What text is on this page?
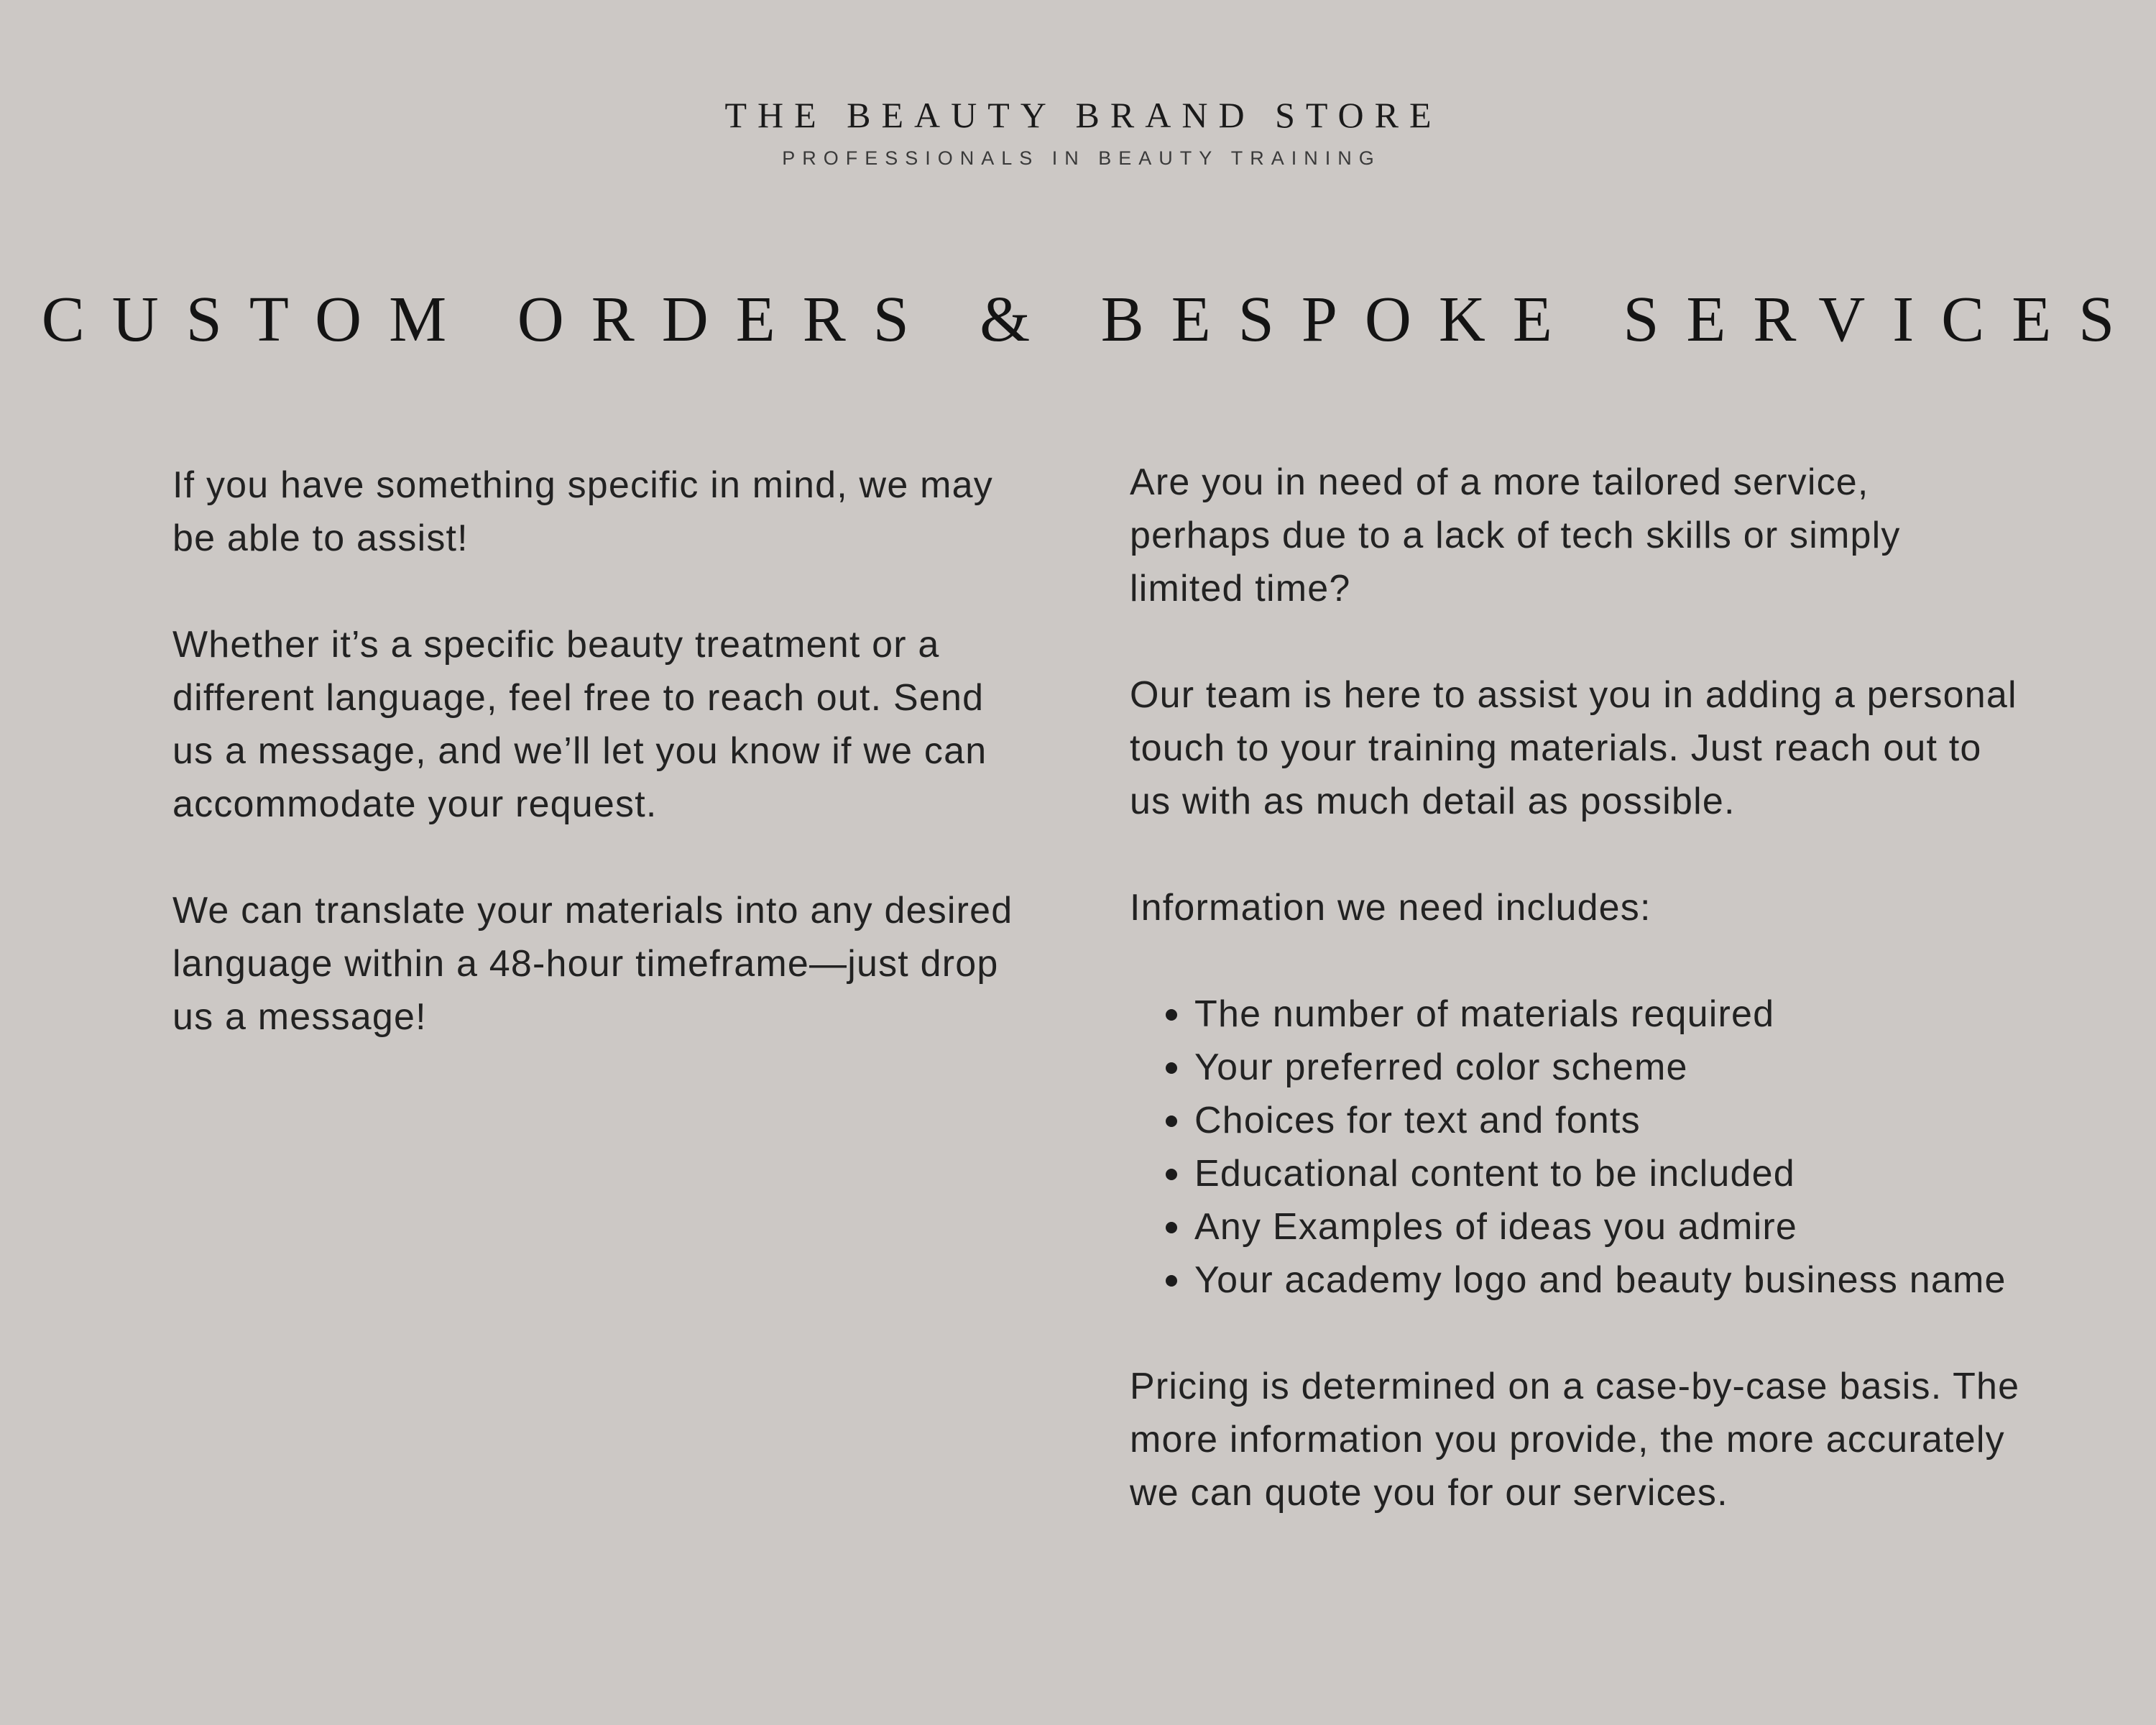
THE BEAUTY BRAND STORE
PROFESSIONALS IN BEAUTY TRAINING
CUSTOM ORDERS & BESPOKE SERVICES

If you have something specific in mind, we may be able to assist!

Whether it’s a specific beauty treatment or a different language, feel free to reach out. Send us a message, and we’ll let you know if we can accommodate your request.

We can translate your materials into any desired language within a 48-hour timeframe—just drop us a message!

Are you in need of a more tailored service, perhaps due to a lack of tech skills or simply limited time?

Our team is here to assist you in adding a personal touch to your training materials. Just reach out to us with as much detail as possible.

Information we need includes:

The number of materials required
Your preferred color scheme
Choices for text and fonts
Educational content to be included
Any Examples of ideas you admire
Your academy logo and beauty business name

Pricing is determined on a case-by-case basis. The more information you provide, the more accurately we can quote you for our services.
